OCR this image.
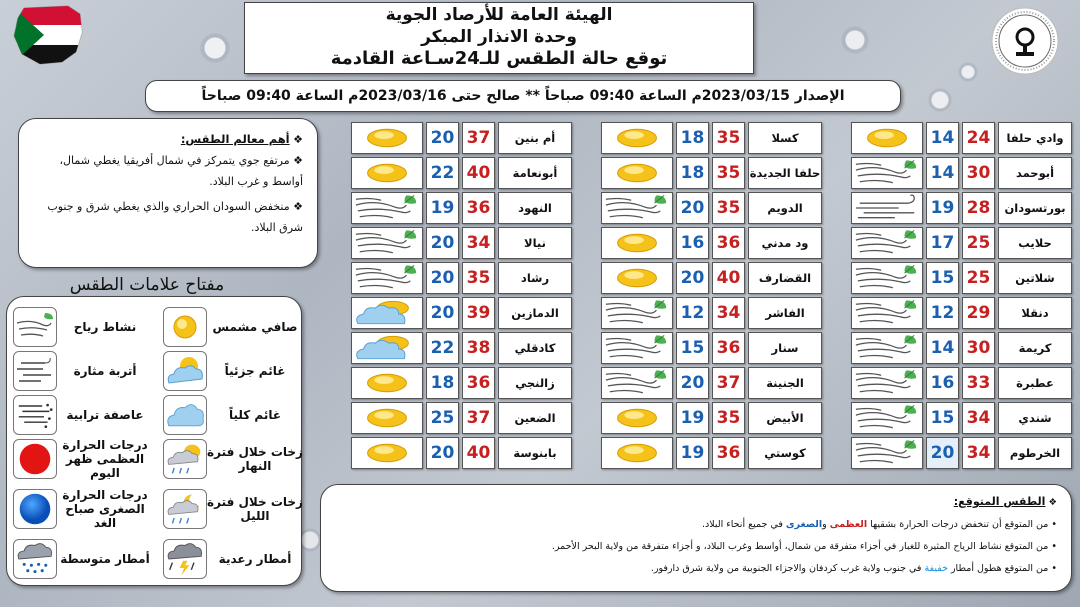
الهيئة العامة للأرصاد الجوية
وحدة الانذار المبكر
توقع حالة الطقس للـ24سـاعة القادمة
الإصدار 2023/03/15م الساعة 09:40 صباحاً ** صالح حتى 2023/03/16م الساعة 09:40 صباحاً
❖ أهم معالم الطقس:
❖ مرتفع جوي يتمركز في شمال أفريقيا يغطي شمال، أواسط و غرب البلاد.
❖ منخفض السودان الحراري والذي يغطي شرق و جنوب شرق البلاد.
مفتاح علامات الطقس
صافي مشمس
نشاط رياح
غائم جزئياً
أتربة مثارة
غائم كلياً
عاصفة ترابية
زخات خلال فترة النهار
درجات الحرارة العظمى ظهر اليوم
زخات خلال فترة الليل
درجات الحرارة الصغرى صباح الغد
أمطار رعدية
أمطار متوسطة
وادي حلفا
24
14
أبوحمد
30
14
بورتسودان
28
19
حلايب
25
17
شلاتين
25
15
دنقلا
29
12
كريمة
30
14
عطبرة
33
16
شندي
34
15
الخرطوم
34
20
كسلا
35
18
حلفا الجديدة
35
18
الدويم
35
20
ود مدني
36
16
القضارف
40
20
الفاشر
34
12
سنار
36
15
الجنينة
37
20
الأبيض
35
19
كوستي
36
19
أم بنين
37
20
أبونعامة
40
22
النهود
36
19
نيالا
34
20
رشاد
35
20
الدمازين
39
20
كادقلي
38
22
زالنجي
36
18
الضعين
37
25
بابنوسة
40
20
❖ الطقس المتوقع:
• من المتوقع أن تنخفض درجات الحرارة بشقيها العظمى والصغرى في جميع أنحاء البلاد.
• من المتوقع نشاط الرياح المثيرة للغبار في أجزاء متفرقة من شمال، أواسط وغرب البلاد، و أجزاء متفرقة من ولاية البحر الأحمر.
• من المتوقع هطول أمطار خفيفة في جنوب ولاية غرب كردفان والاجزاء الجنوبية من ولاية شرق دارفور.
